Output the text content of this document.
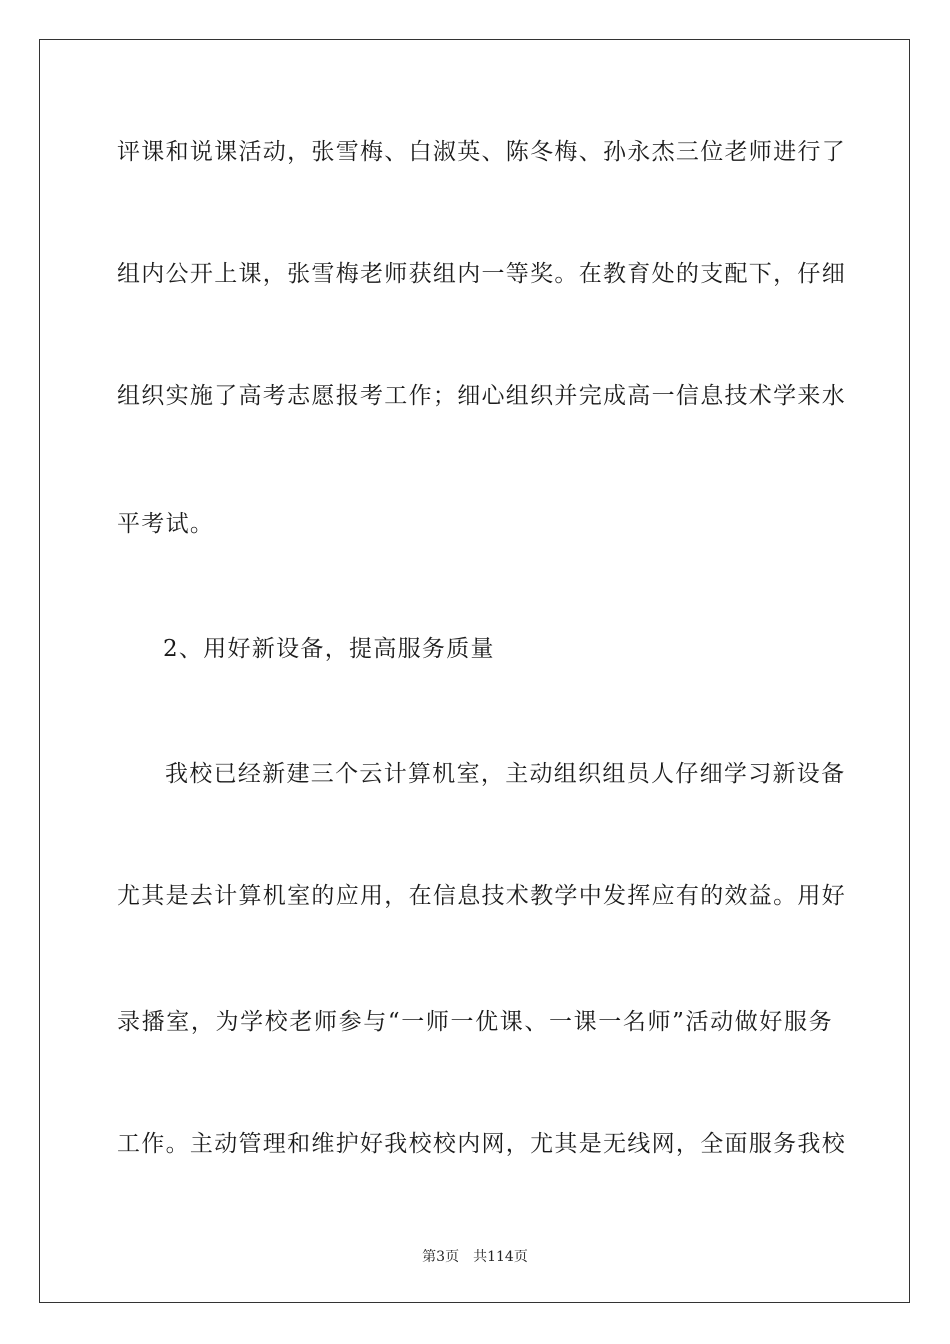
评课和说课活动，张雪梅、白淑英、陈冬梅、孙永杰三位老师进行了
组内公开上课，张雪梅老师获组内一等奖。在教育处的支配下，仔细
组织实施了高考志愿报考工作；细心组织并完成高一信息技术学来水
平考试。
2、用好新设备，提高服务质量
我校已经新建三个云计算机室，主动组织组员人仔细学习新设备
尤其是去计算机室的应用，在信息技术教学中发挥应有的效益。用好
录播室，为学校老师参与“一师一优课、一课一名师”活动做好服务
工作。主动管理和维护好我校校内网，尤其是无线网，全面服务我校
第3页 共114页
